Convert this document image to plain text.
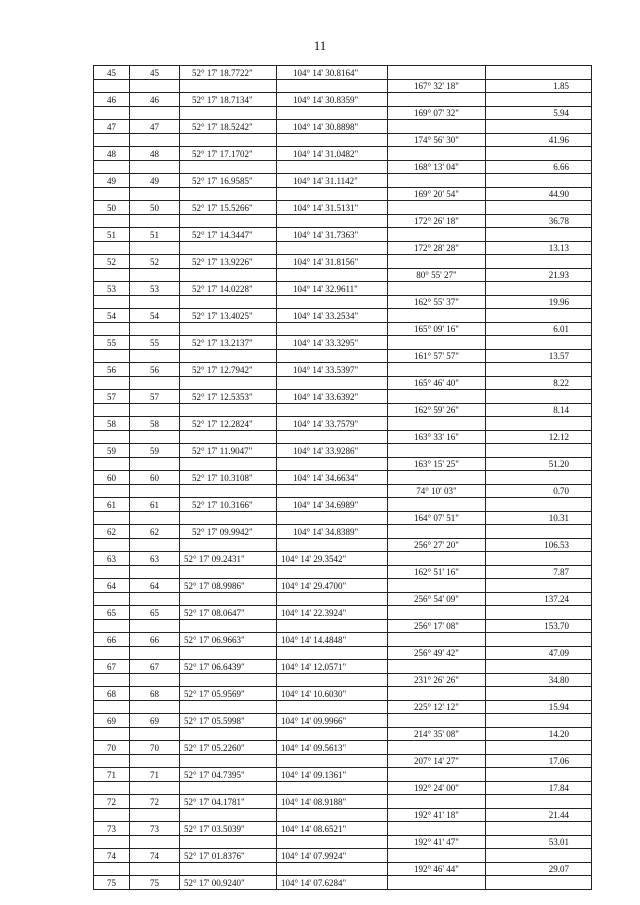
11
45	45	52° 17' 18.7722"	104° 14' 30.8164"		
				167° 32' 18"	1.85
46	46	52° 17' 18.7134"	104° 14' 30.8359"		
				169° 07' 32"	5.94
47	47	52° 17' 18.5242"	104° 14' 30.8898"		
				174° 56' 30"	41.96
48	48	52° 17' 17.1702"	104° 14' 31.0482"		
				168° 13' 04"	6.66
49	49	52° 17' 16.9585"	104° 14' 31.1142"		
				169° 20' 54"	44.90
50	50	52° 17' 15.5266"	104° 14' 31.5131"		
				172° 26' 18"	36.78
51	51	52° 17' 14.3447"	104° 14' 31.7363"		
				172° 28' 28"	13.13
52	52	52° 17' 13.9226"	104° 14' 31.8156"		
				80° 55' 27"	21.93
53	53	52° 17' 14.0228"	104° 14' 32.9611"		
				162° 55' 37"	19.96
54	54	52° 17' 13.4025"	104° 14' 33.2534"		
				165° 09' 16"	6.01
55	55	52° 17' 13.2137"	104° 14' 33.3295"		
				161° 57' 57"	13.57
56	56	52° 17' 12.7942"	104° 14' 33.5397"		
				165° 46' 40"	8.22
57	57	52° 17' 12.5353"	104° 14' 33.6392"		
				162° 59' 26"	8.14
58	58	52° 17' 12.2824"	104° 14' 33.7579"		
				163° 33' 16"	12.12
59	59	52° 17' 11.9047"	104° 14' 33.9286"		
				163° 15' 25"	51.20
60	60	52° 17' 10.3108"	104° 14' 34.6634"		
				74° 10' 03"	0.70
61	61	52° 17' 10.3166"	104° 14' 34.6989"		
				164° 07' 51"	10.31
62	62	52° 17' 09.9942"	104° 14' 34.8389"		
				256° 27' 20"	106.53
63	63	52° 17' 09.2431"	104° 14' 29.3542"		
				162° 51' 16"	7.87
64	64	52° 17' 08.9986"	104° 14' 29.4700"		
				256° 54' 09"	137.24
65	65	52° 17' 08.0647"	104° 14' 22.3924"		
				256° 17' 08"	153.70
66	66	52° 17' 06.9663"	104° 14' 14.4848"		
				256° 49' 42"	47.09
67	67	52° 17' 06.6439"	104° 14' 12.0571"		
				231° 26' 26"	34.80
68	68	52° 17' 05.9569"	104° 14' 10.6030"		
				225° 12' 12"	15.94
69	69	52° 17' 05.5998"	104° 14' 09.9966"		
				214° 35' 08"	14.20
70	70	52° 17' 05.2260"	104° 14' 09.5613"		
				207° 14' 27"	17.06
71	71	52° 17' 04.7395"	104° 14' 09.1361"		
				192° 24' 00"	17.84
72	72	52° 17' 04.1781"	104° 14' 08.9188"		
				192° 41' 18"	21.44
73	73	52° 17' 03.5039"	104° 14' 08.6521"		
				192° 41' 47"	53.01
74	74	52° 17' 01.8376"	104° 14' 07.9924"		
				192° 46' 44"	29.07
75	75	52° 17' 00.9240"	104° 14' 07.6284"		
